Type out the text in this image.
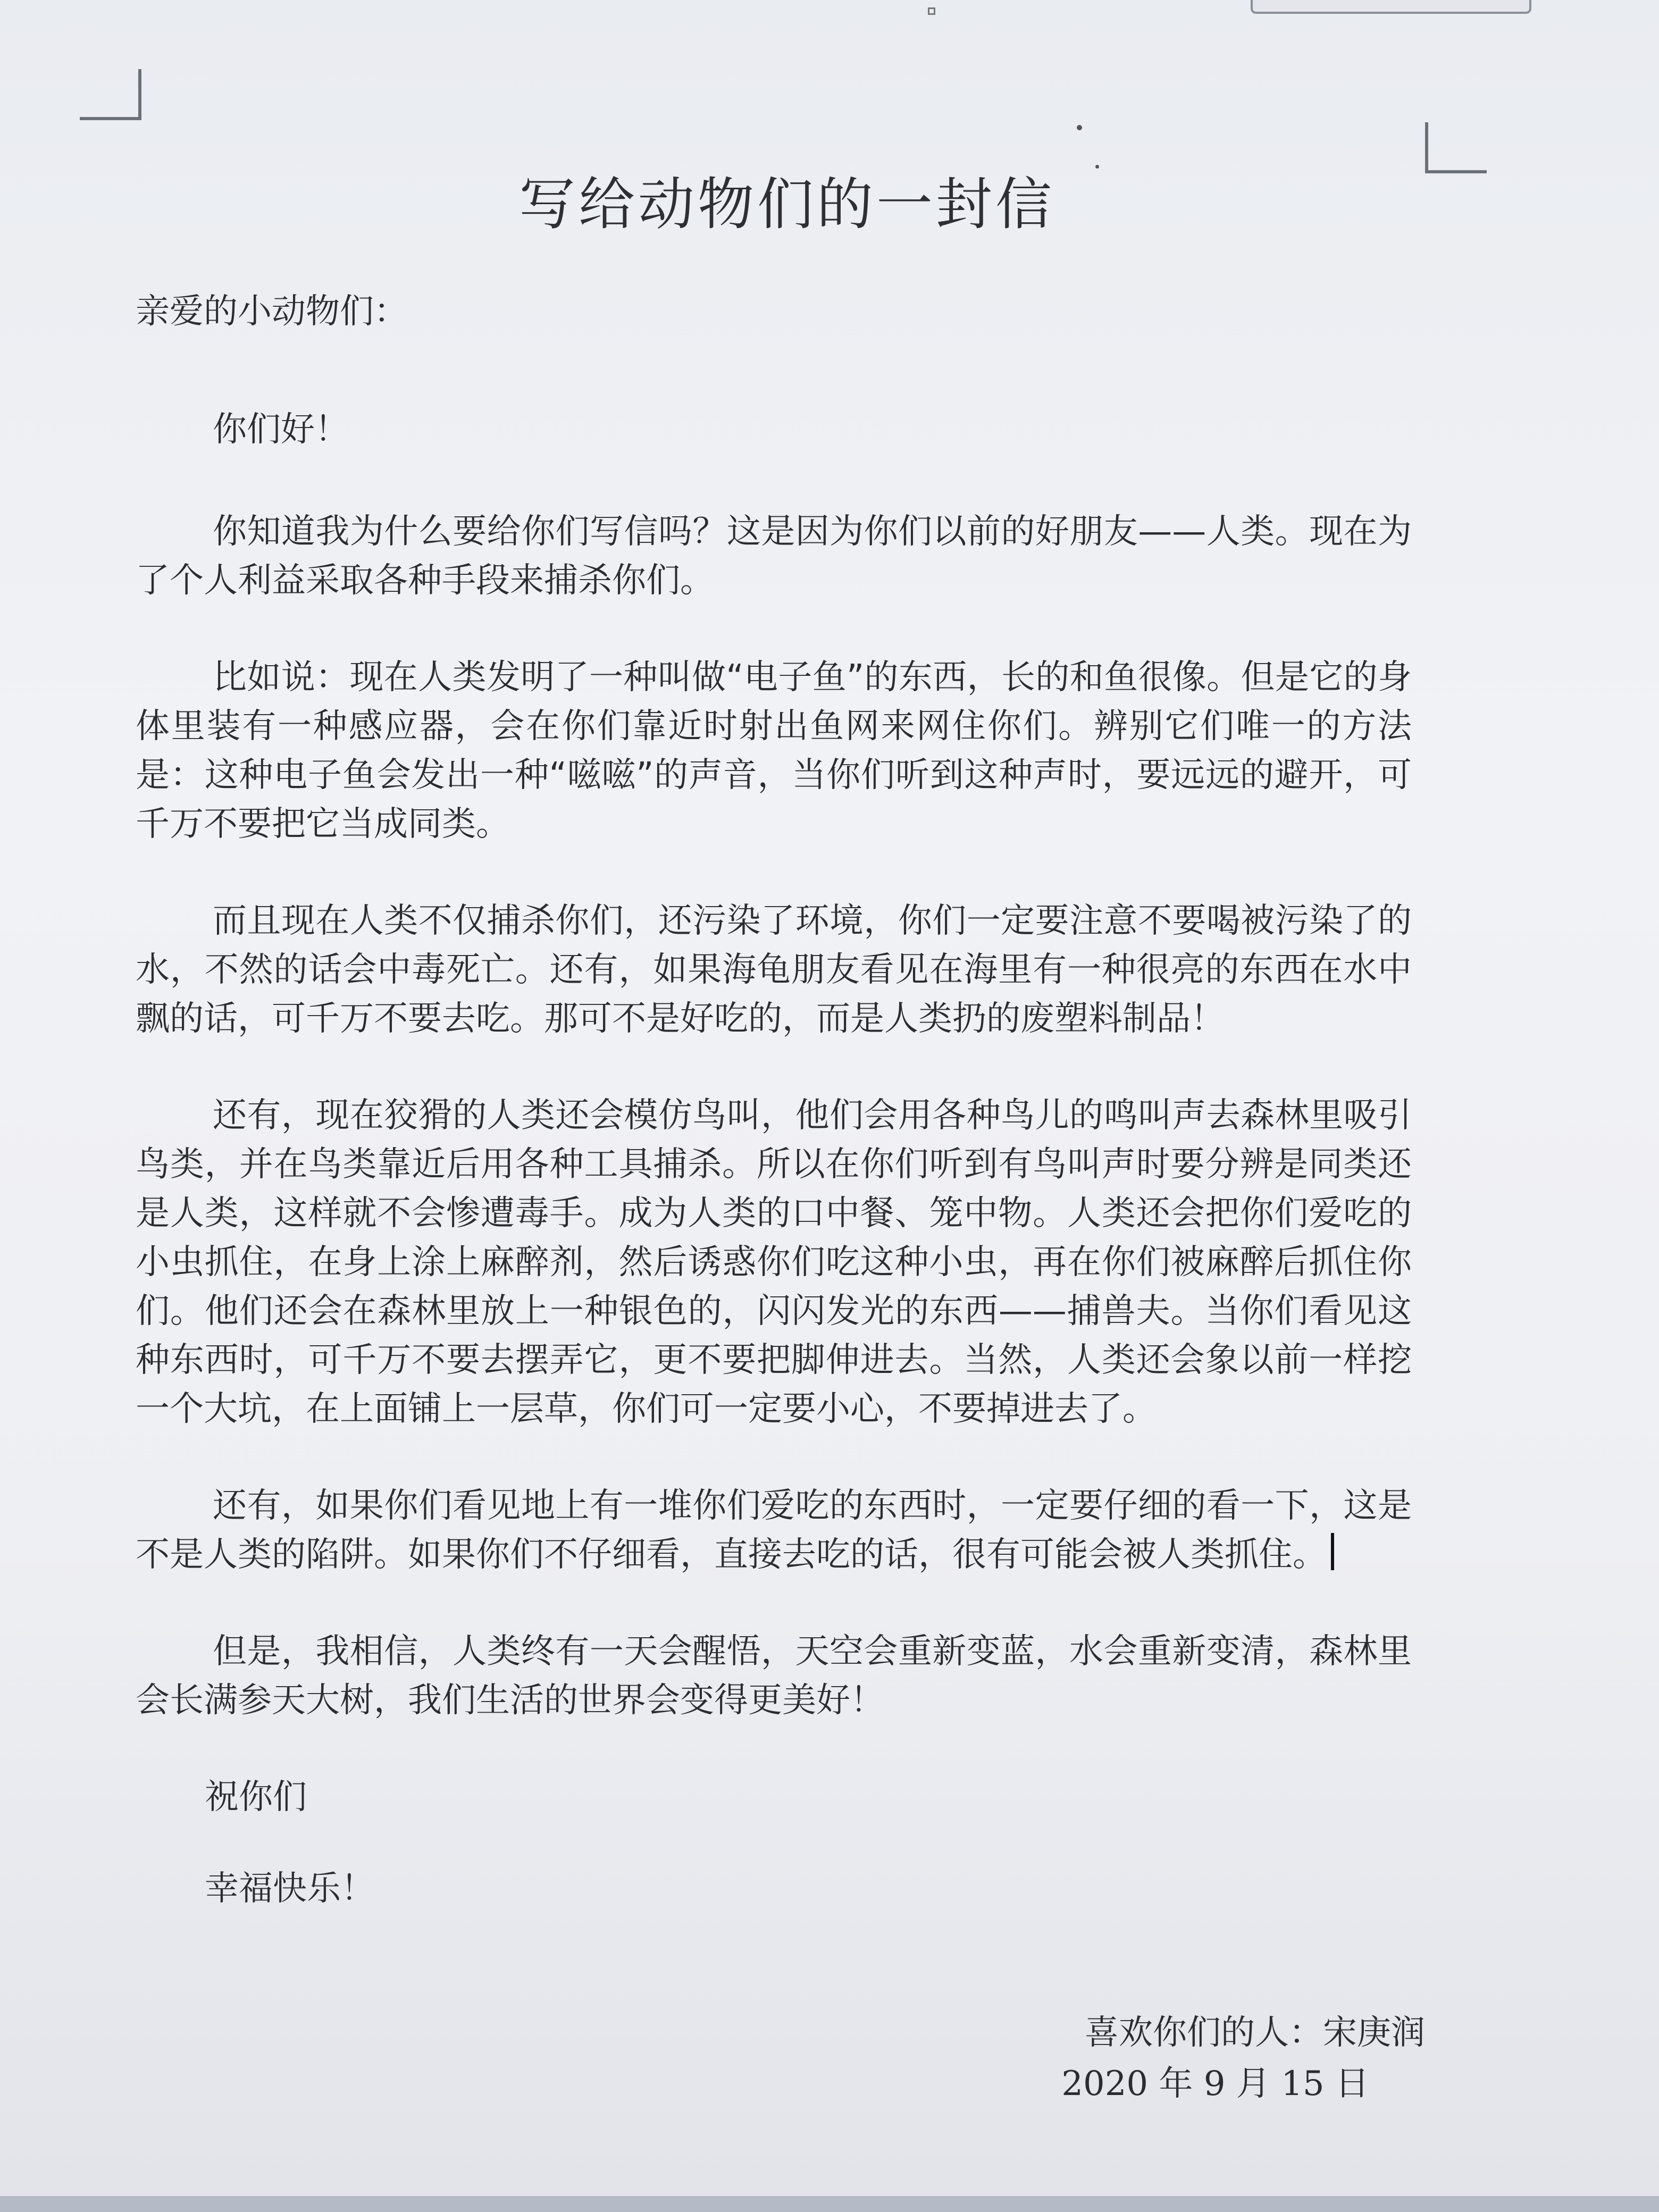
写给动物们的一封信

亲爱的小动物们：

你们好！

你知道我为什么要给你们写信吗？这是因为你们以前的好朋友——人类。现在为了个人利益采取各种手段来捕杀你们。

比如说：现在人类发明了一种叫做“电子鱼”的东西，长的和鱼很像。但是它的身体里装有一种感应器，会在你们靠近时射出鱼网来网住你们。辨别它们唯一的方法是：这种电子鱼会发出一种“嗞嗞”的声音，当你们听到这种声时，要远远的避开，可千万不要把它当成同类。

而且现在人类不仅捕杀你们，还污染了环境，你们一定要注意不要喝被污染了的水，不然的话会中毒死亡。还有，如果海龟朋友看见在海里有一种很亮的东西在水中飘的话，可千万不要去吃。那可不是好吃的，而是人类扔的废塑料制品！

还有，现在狡猾的人类还会模仿鸟叫，他们会用各种鸟儿的鸣叫声去森林里吸引鸟类，并在鸟类靠近后用各种工具捕杀。所以在你们听到有鸟叫声时要分辨是同类还是人类，这样就不会惨遭毒手。成为人类的口中餐、笼中物。人类还会把你们爱吃的小虫抓住，在身上涂上麻醉剂，然后诱惑你们吃这种小虫，再在你们被麻醉后抓住你们。他们还会在森林里放上一种银色的，闪闪发光的东西——捕兽夫。当你们看见这种东西时，可千万不要去摆弄它，更不要把脚伸进去。当然，人类还会象以前一样挖一个大坑，在上面铺上一层草，你们可一定要小心，不要掉进去了。

还有，如果你们看见地上有一堆你们爱吃的东西时，一定要仔细的看一下，这是不是人类的陷阱。如果你们不仔细看，直接去吃的话，很有可能会被人类抓住。

但是，我相信，人类终有一天会醒悟，天空会重新变蓝，水会重新变清，森林里会长满参天大树，我们生活的世界会变得更美好！

祝你们

幸福快乐！

喜欢你们的人：宋庚润
2020 年 9 月 15 日
